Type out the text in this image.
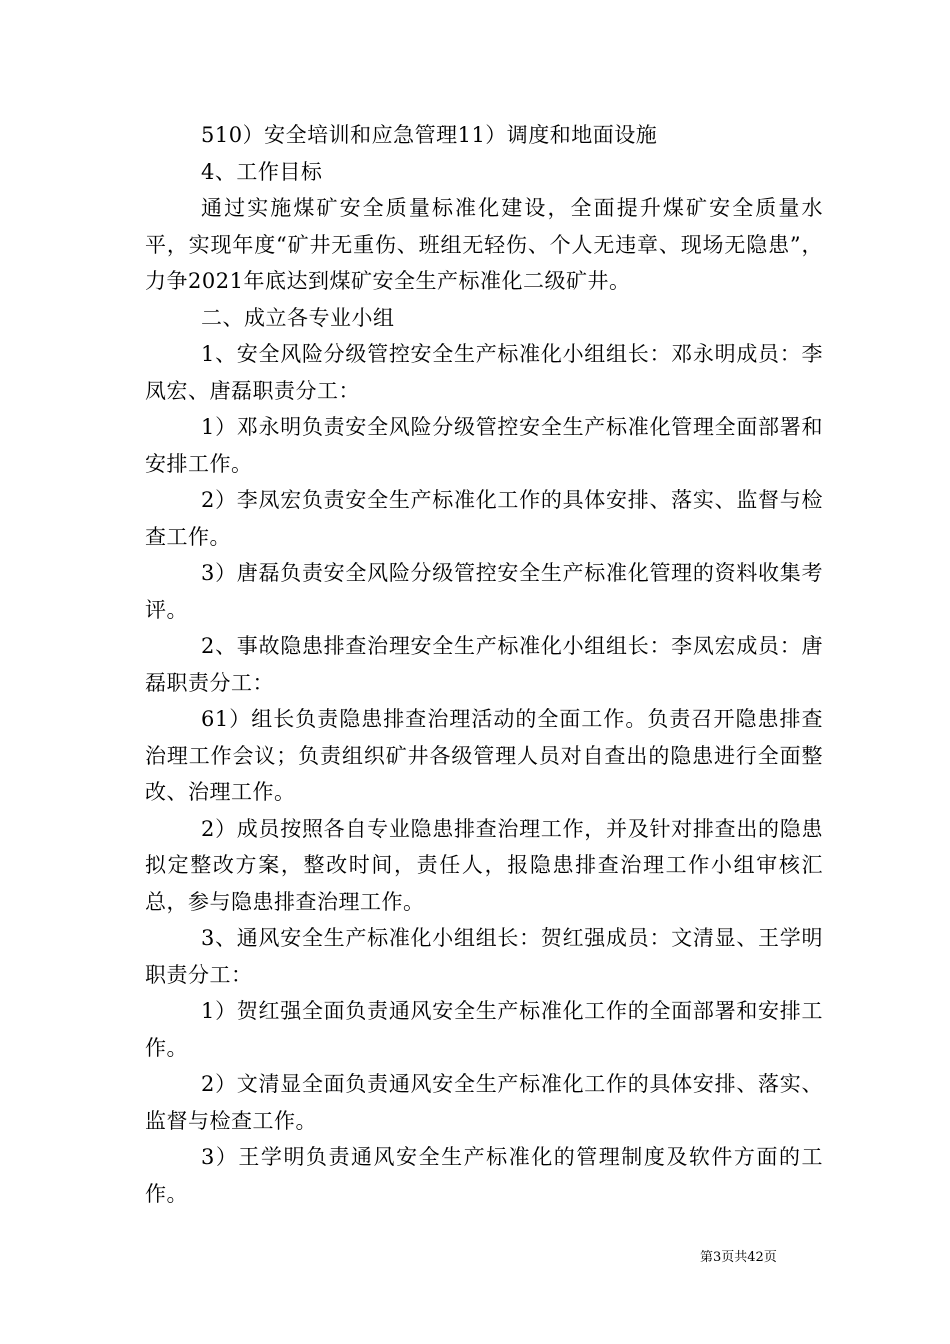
510）安全培训和应急管理11）调度和地面设施

4、工作目标

通过实施煤矿安全质量标准化建设，全面提升煤矿安全质量水平，实现年度“矿井无重伤、班组无轻伤、个人无违章、现场无隐患”，力争2021年底达到煤矿安全生产标准化二级矿井。

二、成立各专业小组

1、安全风险分级管控安全生产标准化小组组长：邓永明成员：李凤宏、唐磊职责分工：

1）邓永明负责安全风险分级管控安全生产标准化管理全面部署和安排工作。

2）李凤宏负责安全生产标准化工作的具体安排、落实、监督与检查工作。

3）唐磊负责安全风险分级管控安全生产标准化管理的资料收集考评。

2、事故隐患排查治理安全生产标准化小组组长：李凤宏成员：唐磊职责分工：

61）组长负责隐患排查治理活动的全面工作。负责召开隐患排查治理工作会议；负责组织矿井各级管理人员对自查出的隐患进行全面整改、治理工作。

2）成员按照各自专业隐患排查治理工作，并及针对排查出的隐患拟定整改方案，整改时间，责任人，报隐患排查治理工作小组审核汇总，参与隐患排查治理工作。

3、通风安全生产标准化小组组长：贺红强成员：文清显、王学明职责分工：

1）贺红强全面负责通风安全生产标准化工作的全面部署和安排工作。

2）文清显全面负责通风安全生产标准化工作的具体安排、落实、监督与检查工作。

3）王学明负责通风安全生产标准化的管理制度及软件方面的工作。

第3页共42页
